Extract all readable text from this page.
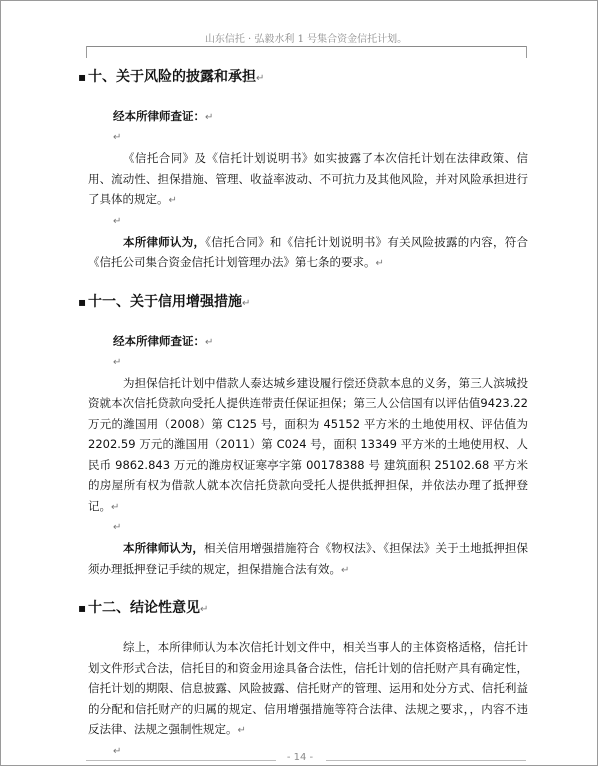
山东信托 · 弘毅水利 1 号集合资金信托计划。
▪ 十、关于风险的披露和承担↵
经本所律师查证：↵
↵

《信托合同》及《信托计划说明书》如实披露了本次信托计划在法律政策、信用、流动性、担保措施、管理、收益率波动、不可抗力及其他风险，并对风险承担进行了具体的规定。↵

↵

本所律师认为，《信托合同》和《信托计划说明书》有关风险披露的内容，符合《信托公司集合资金信托计划管理办法》第七条的要求。↵

▪ 十一、关于信用增强措施↵
经本所律师查证：↵
↵

为担保信托计划中借款人泰达城乡建设履行偿还贷款本息的义务，第三人滨城投资就本次信托贷款向受托人提供连带责任保证担保；第三人公信国有以评估值9423.22 万元的潍国用（2008）第 C125 号，面积为 45152 平方米的土地使用权、评估值为 2202.59 万元的潍国用（2011）第 C024 号，面积 13349 平方米的土地使用权、人民币 9862.843 万元的潍房权证寒亭字第 00178388 号 建筑面积 25102.68 平方米的房屋所有权为借款人就本次信托贷款向受托人提供抵押担保，并依法办理了抵押登记。↵

↵

本所律师认为，相关信用增强措施符合《物权法》、《担保法》关于土地抵押担保须办理抵押登记手续的规定，担保措施合法有效。↵

▪ 十二、结论性意见↵

综上，本所律师认为本次信托计划文件中，相关当事人的主体资格适格，信托计划文件形式合法，信托目的和资金用途具备合法性，信托计划的信托财产具有确定性，信托计划的期限、信息披露、风险披露、信托财产的管理、运用和处分方式、信托利益的分配和信托财产的归属的规定、信用增强措施等符合法律、法规之要求，，内容不违反法律、法规之强制性规定。↵

↵
- 14 -
